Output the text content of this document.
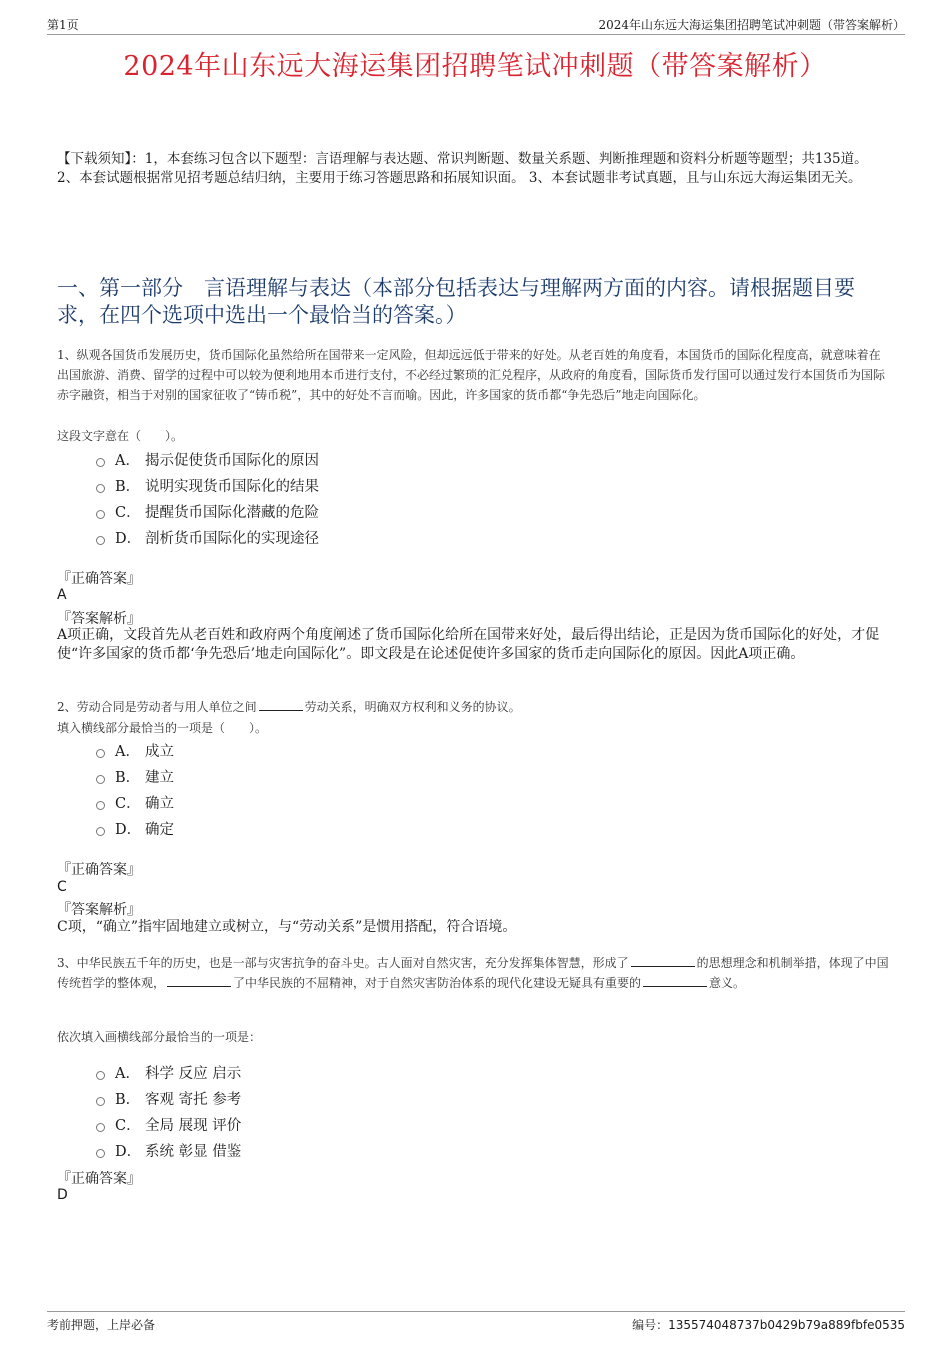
第1页	2024年山东远大海运集团招聘笔试冲刺题（带答案解析）
2024年山东远大海运集团招聘笔试冲刺题（带答案解析）
【下载须知】：1，本套练习包含以下题型：言语理解与表达题、常识判断题、数量关系题、判断推理题和资料分析题等题型；共135道。 2、本套试题根据常见招考题总结归纳，主要用于练习答题思路和拓展知识面。 3、本套试题非考试真题，且与山东远大海运集团无关。
一、第一部分　言语理解与表达（本部分包括表达与理解两方面的内容。请根据题目要求，在四个选项中选出一个最恰当的答案。）
1、纵观各国货币发展历史，货币国际化虽然给所在国带来一定风险，但却远远低于带来的好处。从老百姓的角度看，本国货币的国际化程度高，就意味着在出国旅游、消费、留学的过程中可以较为便利地用本币进行支付，不必经过繁琐的汇兑程序，从政府的角度看，国际货币发行国可以通过发行本国货币为国际赤字融资，相当于对别的国家征收了“铸币税”，其中的好处不言而喻。因此，许多国家的货币都“争先恐后”地走向国际化。
这段文字意在（　　）。
A． 揭示促使货币国际化的原因
B． 说明实现货币国际化的结果
C． 提醒货币国际化潜藏的危险
D． 剖析货币国际化的实现途径
『正确答案』
A
『答案解析』
A项正确，文段首先从老百姓和政府两个角度阐述了货币国际化给所在国带来好处，最后得出结论，正是因为货币国际化的好处，才促使“许多国家的货币都‘争先恐后’地走向国际化”。即文段是在论述促使许多国家的货币走向国际化的原因。因此A项正确。
2、劳动合同是劳动者与用人单位之间	劳动关系，明确双方权利和义务的协议。
填入横线部分最恰当的一项是（　　）。
A． 成立
B． 建立
C． 确立
D． 确定
『正确答案』
C
『答案解析』
C项，“确立”指牢固地建立或树立，与“劳动关系”是惯用搭配，符合语境。
3、中华民族五千年的历史，也是一部与灾害抗争的奋斗史。古人面对自然灾害，充分发挥集体智慧，形成了	的思想理念和机制举措，体现了中国传统哲学的整体观，	了中华民族的不屈精神，对于自然灾害防治体系的现代化建设无疑具有重要的	意义。
依次填入画横线部分最恰当的一项是：
A． 科学 反应 启示
B． 客观 寄托 参考
C． 全局 展现 评价
D． 系统 彰显 借鉴
『正确答案』
D
考前押题，上岸必备	编号：135574048737b0429b79a889fbfe0535
